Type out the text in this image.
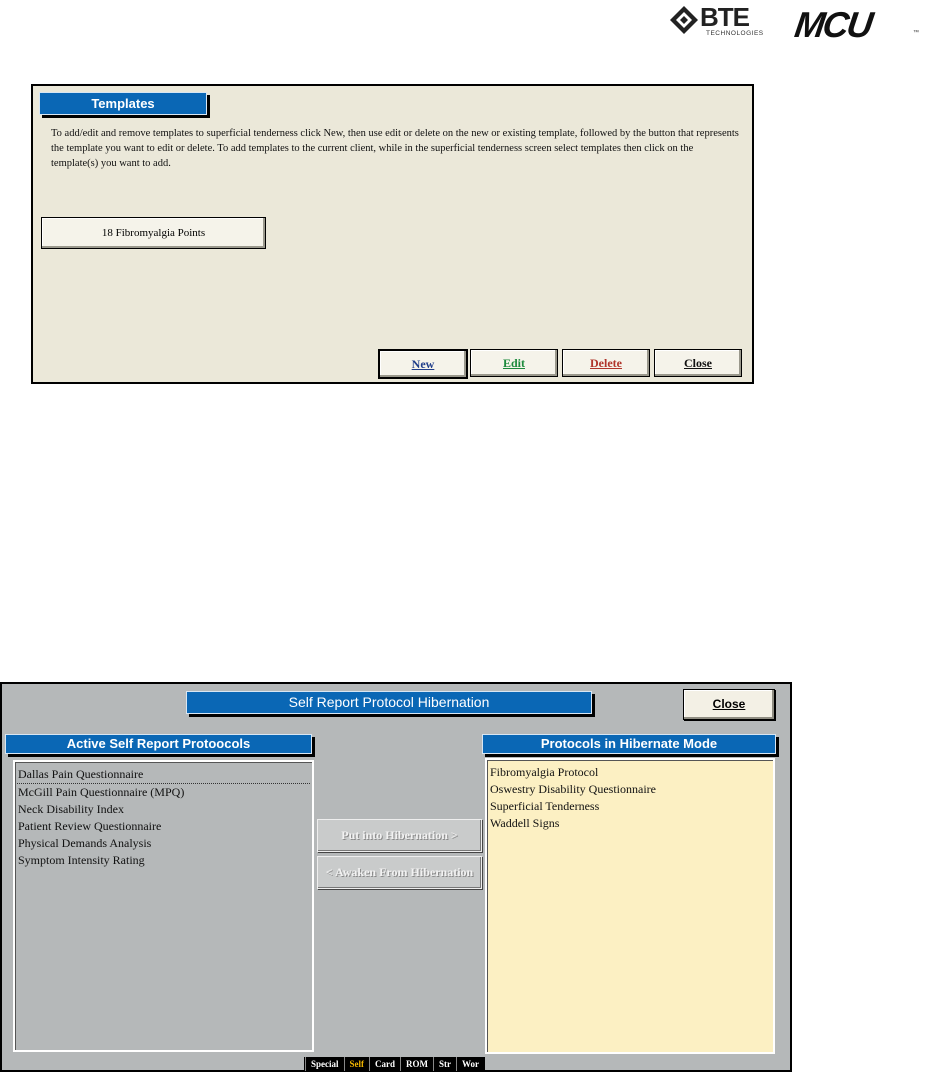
BTE
TECHNOLOGIES MCU	™
Templates
To add/edit and remove templates to superficial tenderness click New, then use edit or delete on the new or existing template, followed by the button that represents the template you want to edit or delete. To add templates to the current client, while in the superficial tenderness screen select templates then click on the template(s) you want to add.
18 Fibromyalgia Points
New	Edit	Delete	Close
Self Report Protocol Hibernation	Close
Active Self Report Protoocols	Protocols in Hibernate Mode
Dallas Pain Questionnaire
McGill Pain Questionnaire (MPQ)
Neck Disability Index
Patient Review Questionnaire
Physical Demands Analysis
Symptom Intensity Rating
Put into Hibernation >
< Awaken From Hibernation
Fibromyalgia Protocol
Oswestry Disability Questionnaire
Superficial Tenderness
Waddell Signs
Special	Self	Card	ROM	Str	Wor
